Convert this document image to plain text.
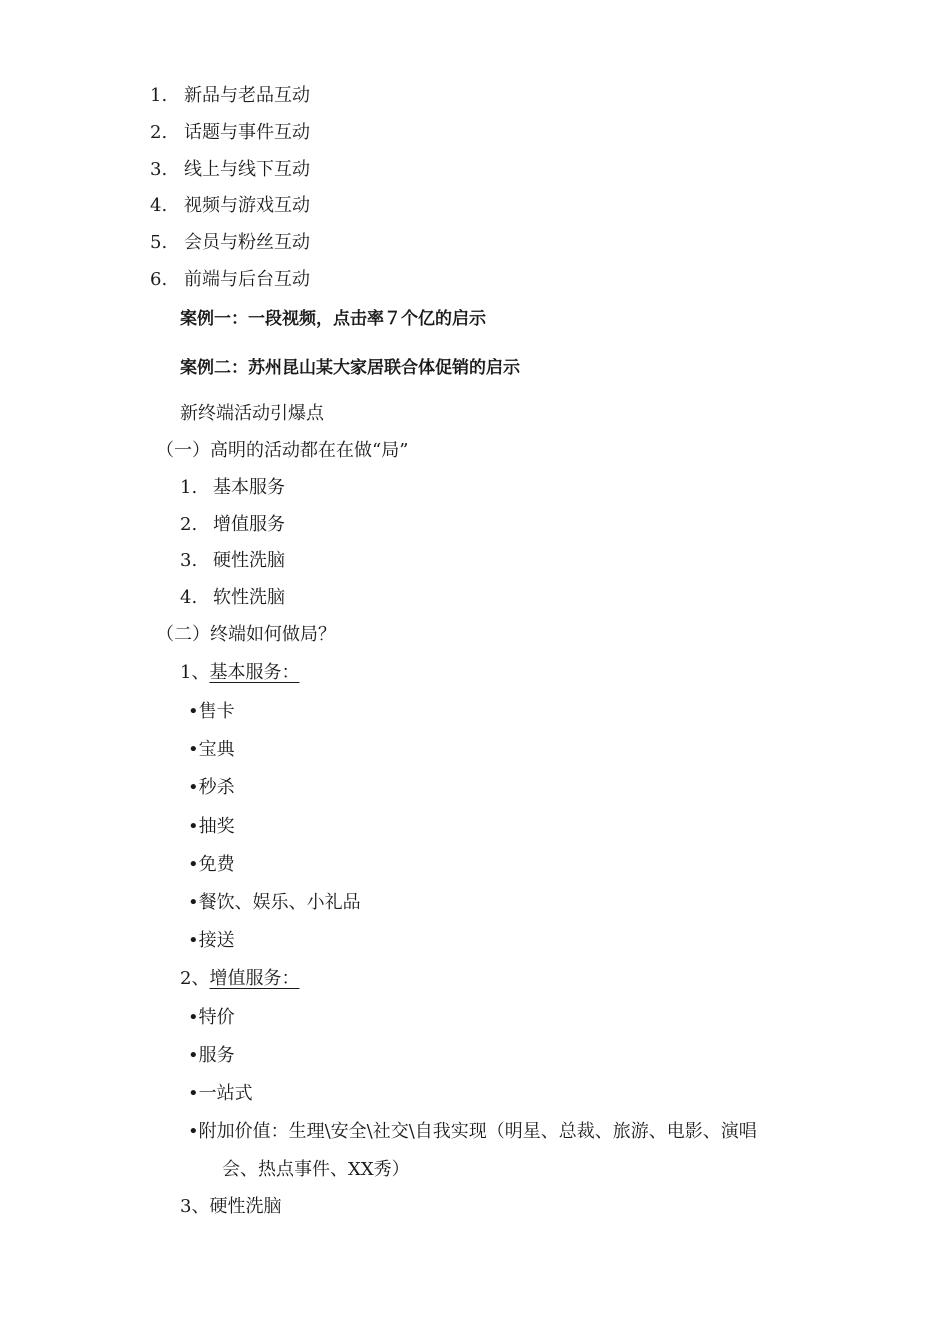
1. 新品与老品互动
2. 话题与事件互动
3. 线上与线下互动
4. 视频与游戏互动
5. 会员与粉丝互动
6. 前端与后台互动
案例一：一段视频，点击率７个亿的启示
案例二：苏州昆山某大家居联合体促销的启示
新终端活动引爆点
（一）高明的活动都在在做“局”
1. 基本服务
2. 增值服务
3. 硬性洗脑
4. 软性洗脑
（二）终端如何做局？
1、基本服务：
•售卡
•宝典
•秒杀
•抽奖
•免费
•餐饮、娱乐、小礼品
•接送
2、增值服务：
•特价
•服务
•一站式
•附加价值：生理\安全\社交\自我实现（明星、总裁、旅游、电影、演唱
会、热点事件、XX秀）
3、硬性洗脑
